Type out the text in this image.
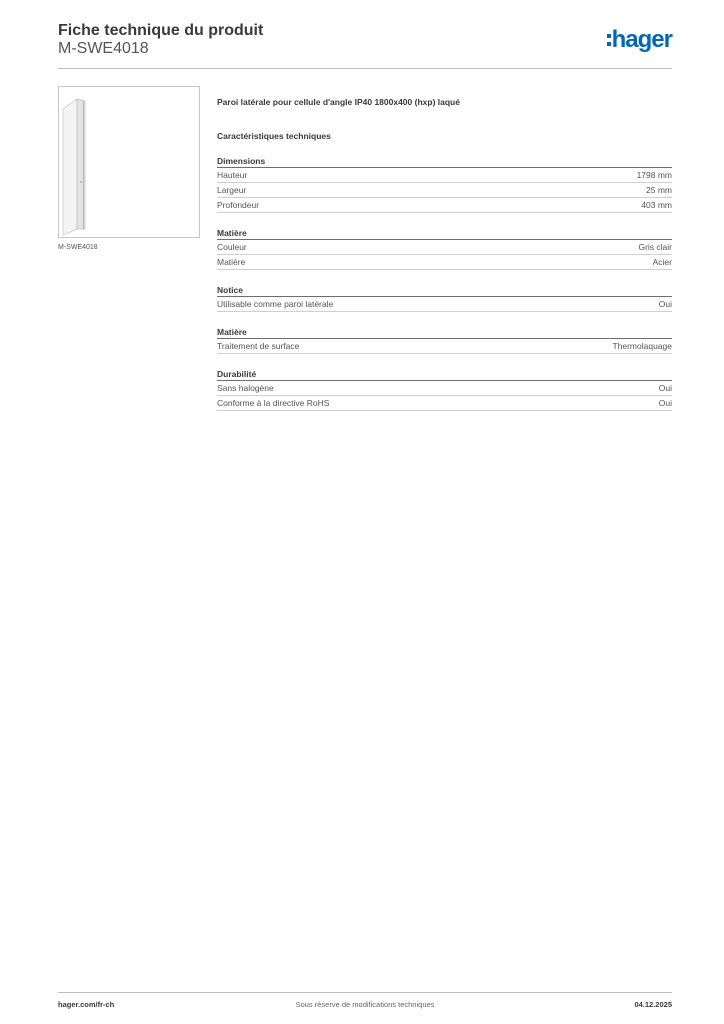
Fiche technique du produit
M-SWE4018	hager
M-SWE4018
Paroi latérale pour cellule d'angle IP40 1800x400 (hxp) laqué
Caractéristiques techniques
Dimensions
Hauteur	1798 mm
Largeur	25 mm
Profondeur	403 mm
Matière
Couleur	Gris clair
Matière	Acier
Notice
Utilisable comme paroi latérale	Oui
Matière
Traitement de surface	Thermolaquage
Durabilité
Sans halogène	Oui
Conforme à la directive RoHS	Oui
hager.com/fr-ch	Sous réserve de modifications techniques	04.12.2025
